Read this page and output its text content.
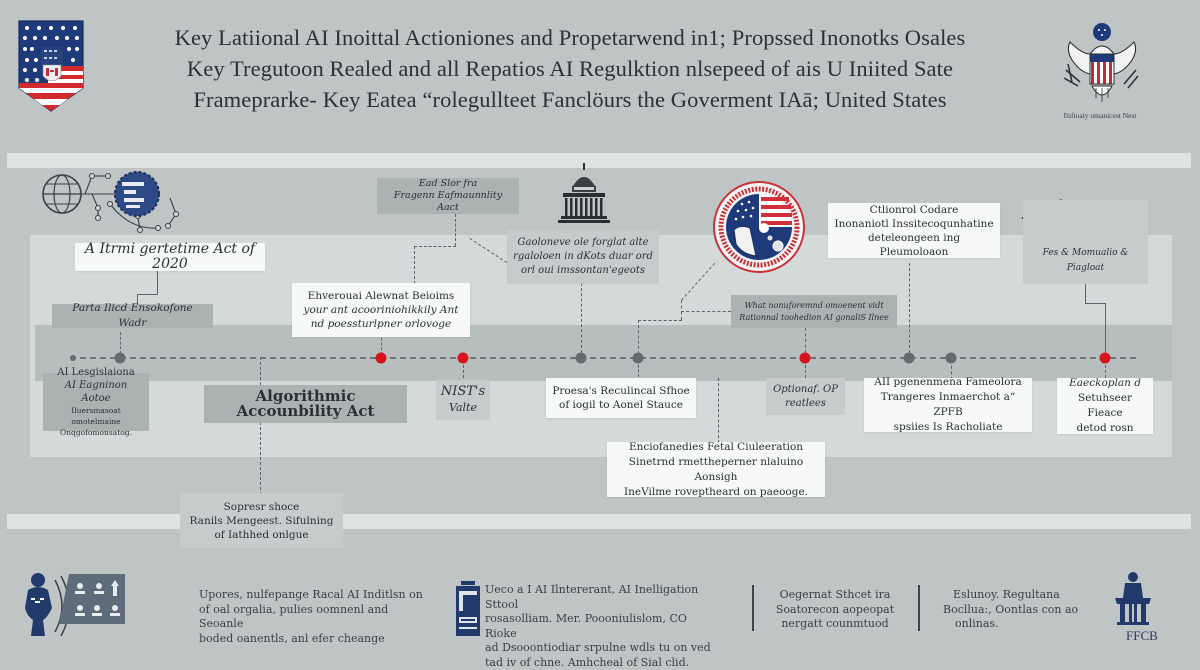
Key Latiional AI Inoittal Actioniones and Propetarwend in1; Propssed Inonotks Osales
Key Tregutoon Realed and all Repatios AI Regulktion nlsepeed of ais U Iniited Sate
Frameprarke- Key Eatea “rolegullteet Fanclöurs the Goverment IAā; United States
Ilsftoaiy omanicest Nest
A Itrmi gertetime Act of 2020
Parta Ilicd Ensokofone Wadr
Ead Slor fra
Fragenn Eafmaunnlity Aact
Ehverouai Alewnat Beioims
your ant acooriniohikkily Ant
nd poessturlpner orlovoge
Gaoloneve ole forglat alte
rgaloloen in dKots duar ord
orl oui imssontan'egeots
What nonuforemnd omoenent vidt
Rationnal toohedion AI gonaliS Ilnee
Ctlionrol Codare
Inonaniotl Inssitecoqunhatine
deteleongeen ing Pleumoloaon	Fes & Momualio & Piagloat
AI Lesgislaiona
AI Eagninon Aotoe
Iluersmasoat omotelmaine
Onqgofomonsatog.
Algorithmic Accounbility Act
NIST's
Valte
Proesa's Reculincal Sfhoe
of iogil to Aonel Stauce
Optionaf. OP
reatlees
AII pgenenmena Fameolora
Trangeres Inmaerchot a“ ZPFB
spsiies Is Racholiate
Eaeckoplan d
Setuhseer Fieace
detod rosn
Enciofanedies Fetal Ciuleeration
Sinetrnd rmettheperner nlaluino Aonsigh
IneVilme roveptheard on paeooge.
Sopresr shoce
Ranils Mengeest. Sifulning
of Iathhed onlgue
Upores, nulfepange Racal AI Inditlsn on
of oal orgalia, pulies oomnenl and Seoanle
boded oanentls, anl efer cheange
Ueco a I AI Ilntererant, AI Inelligation Sttool
rosasolliam. Mer. Poooniulislom, CO Rioke
ad Dsooontiodiar srpulne wdls tu on ved
tad iv of chne. Amhcheal of Sial clid.
Oegernat Sthcet ira
Soatorecon aopeopat
nergatt counmtuod
Eslunoy. Regultana
Bocllua:, Oontlas con ao
onlinas.
FFCB
